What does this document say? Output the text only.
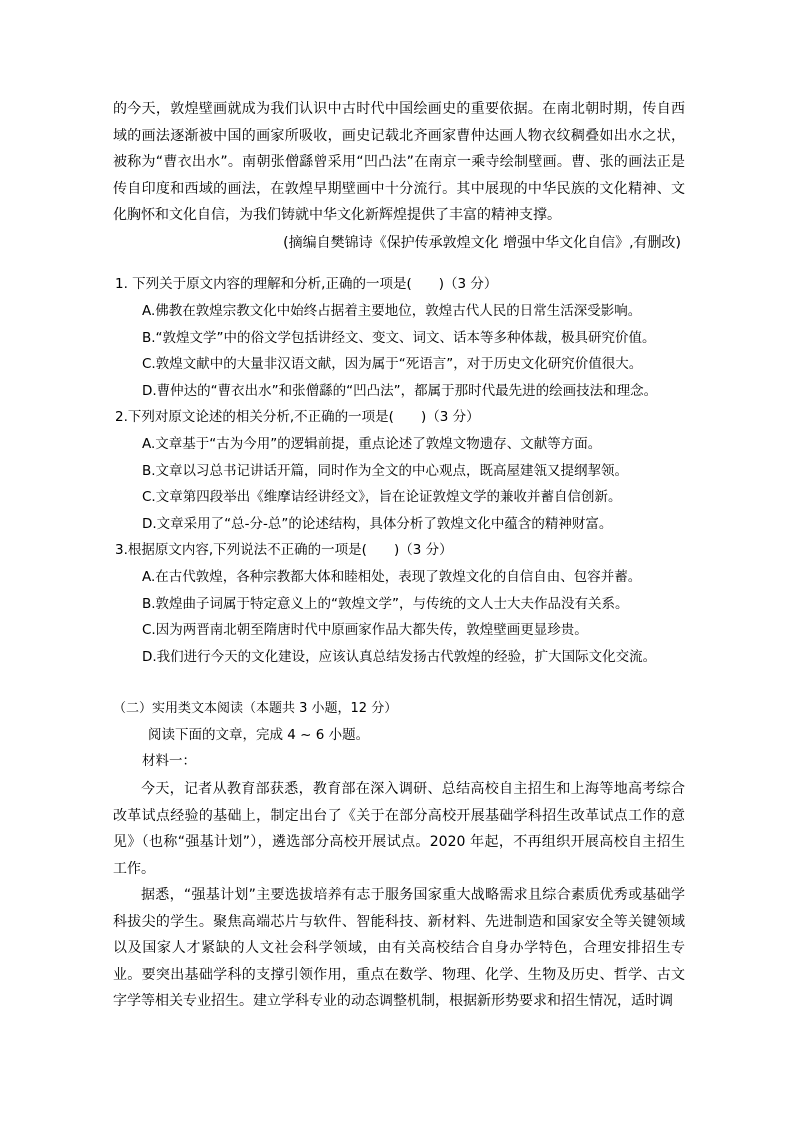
的今天，敦煌壁画就成为我们认识中古时代中国绘画史的重要依据。在南北朝时期，传自西域的画法逐渐被中国的画家所吸收，画史记载北齐画家曹仲达画人物衣纹稠叠如出水之状，被称为“曹衣出水”。南朝张僧繇曾采用“凹凸法”在南京一乘寺绘制壁画。曹、张的画法正是传自印度和西域的画法，在敦煌早期壁画中十分流行。其中展现的中华民族的文化精神、文化胸怀和文化自信，为我们铸就中华文化新辉煌提供了丰富的精神支撑。

(摘编自樊锦诗《保护传承敦煌文化 增强中华文化自信》,有删改)
1. 下列关于原文内容的理解和分析,正确的一项是(　　)（3 分）
A.佛教在敦煌宗教文化中始终占据着主要地位，敦煌古代人民的日常生活深受影响。
B.“敦煌文学”中的俗文学包括讲经文、变文、词文、话本等多种体裁，极具研究价值。
C.敦煌文献中的大量非汉语文献，因为属于“死语言”，对于历史文化研究价值很大。
D.曹仲达的“曹衣出水”和张僧繇的“凹凸法”，都属于那时代最先进的绘画技法和理念。
2.下列对原文论述的相关分析,不正确的一项是(　　)（3 分）
A.文章基于“古为今用”的逻辑前提，重点论述了敦煌文物遗存、文献等方面。
B.文章以习总书记讲话开篇，同时作为全文的中心观点，既高屋建瓴又提纲挈领。
C.文章第四段举出《维摩诘经讲经文》，旨在论证敦煌文学的兼收并蓄自信创新。
D.文章采用了“总-分-总”的论述结构，具体分析了敦煌文化中蕴含的精神财富。
3.根据原文内容,下列说法不正确的一项是(　　)（3 分）
A.在古代敦煌，各种宗教都大体和睦相处，表现了敦煌文化的自信自由、包容并蓄。
B.敦煌曲子词属于特定意义上的“敦煌文学”，与传统的文人士大夫作品没有关系。
C.因为两晋南北朝至隋唐时代中原画家作品大都失传，敦煌壁画更显珍贵。
D.我们进行今天的文化建设，应该认真总结发扬古代敦煌的经验，扩大国际文化交流。
（二）实用类文本阅读（本题共 3 小题，12 分）
阅读下面的文章，完成 4 ~ 6 小题。
材料一：

今天，记者从教育部获悉，教育部在深入调研、总结高校自主招生和上海等地高考综合改革试点经验的基础上，制定出台了《关于在部分高校开展基础学科招生改革试点工作的意见》（也称“强基计划”），遴选部分高校开展试点。2020 年起，不再组织开展高校自主招生工作。

据悉，“强基计划”主要选拔培养有志于服务国家重大战略需求且综合素质优秀或基础学科拔尖的学生。聚焦高端芯片与软件、智能科技、新材料、先进制造和国家安全等关键领域以及国家人才紧缺的人文社会科学领域，由有关高校结合自身办学特色，合理安排招生专业。要突出基础学科的支撑引领作用，重点在数学、物理、化学、生物及历史、哲学、古文字学等相关专业招生。建立学科专业的动态调整机制，根据新形势要求和招生情况，适时调
